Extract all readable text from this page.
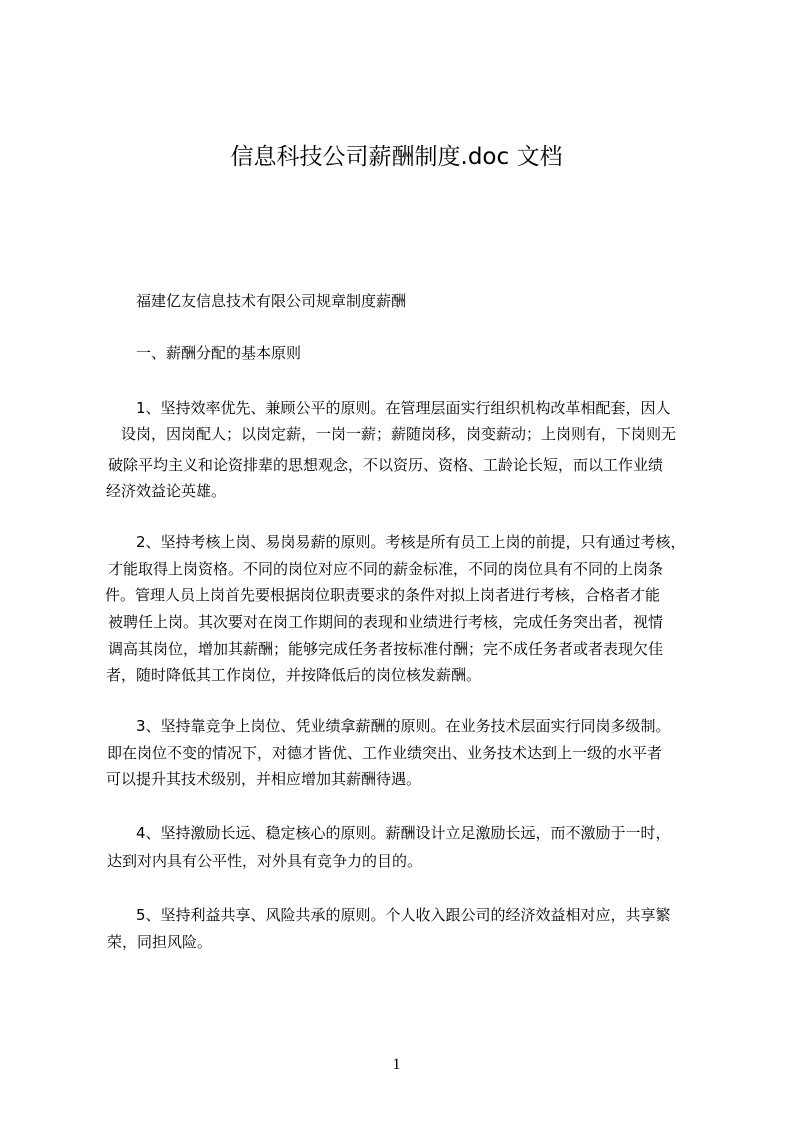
信息科技公司薪酬制度.doc 文档
福建亿友信息技术有限公司规章制度薪酬
一、薪酬分配的基本原则
1、坚持效率优先、兼顾公平的原则。在管理层面实行组织机构改革相配套，因人
设岗，因岗配人；以岗定薪，一岗一薪；薪随岗移，岗变薪动；上岗则有，下岗则无
破除平均主义和论资排辈的思想观念，不以资历、资格、工龄论长短，而以工作业绩
经济效益论英雄。
2、坚持考核上岗、易岗易薪的原则。考核是所有员工上岗的前提，只有通过考核，
才能取得上岗资格。不同的岗位对应不同的薪金标准，不同的岗位具有不同的上岗条
件。管理人员上岗首先要根据岗位职责要求的条件对拟上岗者进行考核，合格者才能
被聘任上岗。其次要对在岗工作期间的表现和业绩进行考核，完成任务突出者，视情
调高其岗位，增加其薪酬；能够完成任务者按标准付酬；完不成任务者或者表现欠佳
者，随时降低其工作岗位，并按降低后的岗位核发薪酬。
3、坚持靠竞争上岗位、凭业绩拿薪酬的原则。在业务技术层面实行同岗多级制。
即在岗位不变的情况下，对德才皆优、工作业绩突出、业务技术达到上一级的水平者
可以提升其技术级别，并相应增加其薪酬待遇。
4、坚持激励长远、稳定核心的原则。薪酬设计立足激励长远，而不激励于一时，
达到对内具有公平性，对外具有竞争力的目的。
5、坚持利益共享、风险共承的原则。个人收入跟公司的经济效益相对应，共享繁
荣，同担风险。
1
